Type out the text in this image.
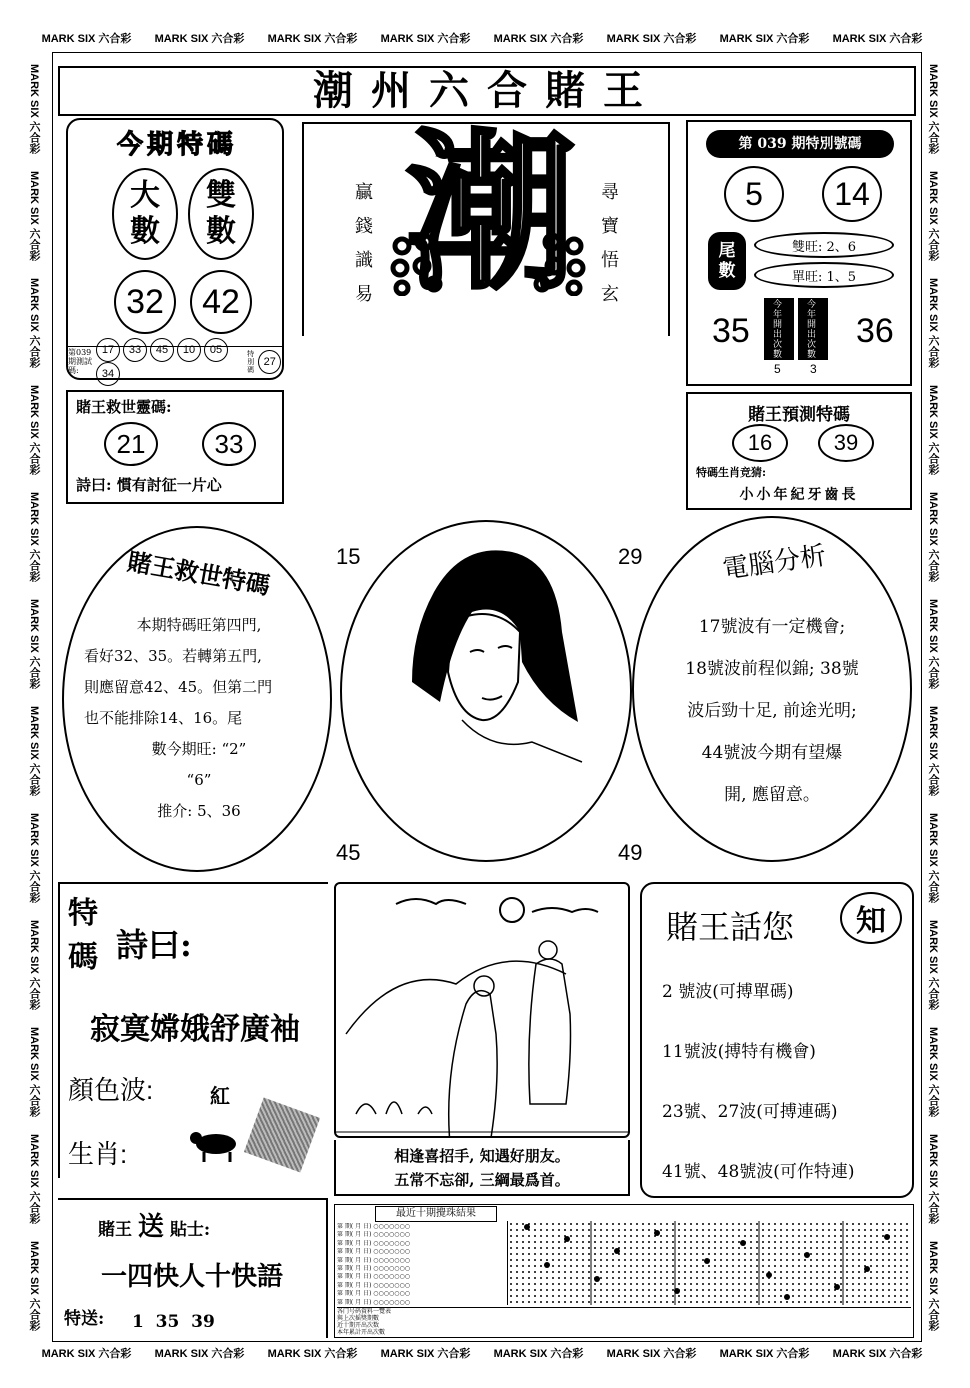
MARK SIX 六合彩 MARK SIX 六合彩 MARK SIX 六合彩 MARK SIX 六合彩 MARK SIX 六合彩 MARK SIX 六合彩 MARK SIX 六合彩 MARK SIX 六合彩
MARK SIX 六合彩 MARK SIX 六合彩 MARK SIX 六合彩 MARK SIX 六合彩 MARK SIX 六合彩 MARK SIX 六合彩 MARK SIX 六合彩 MARK SIX 六合彩
MARK SIX 六合彩
MARK SIX 六合彩
MARK SIX 六合彩
MARK SIX 六合彩
MARK SIX 六合彩
MARK SIX 六合彩
MARK SIX 六合彩
MARK SIX 六合彩
MARK SIX 六合彩
MARK SIX 六合彩
MARK SIX 六合彩
MARK SIX 六合彩
MARK SIX 六合彩
MARK SIX 六合彩
MARK SIX 六合彩
MARK SIX 六合彩
MARK SIX 六合彩
MARK SIX 六合彩
MARK SIX 六合彩
MARK SIX 六合彩
MARK SIX 六合彩
MARK SIX 六合彩
MARK SIX 六合彩
MARK SIX 六合彩
潮州六合賭王
今期特碼
大數
雙數
32 42
第039期測試碼:
17 33 45 10 0534
特別碼
27
潮
贏錢識易
尋寶悟玄
第 039 期特別號碼
5 14
尾數
雙旺: 2、6
單旺: 1、5
35	36
今年開出次數
今年開出次數
5 3
賭王救世靈碼:
21	33
詩曰: 慣有討征一片心
賭王預測特碼
16	39
特碼生肖竞猜:
小小年紀牙齒長
賭王救世特碼
本期特碼旺第四門,
看好32、35。若轉第五門,
則應留意42、45。但第二門
也不能排除14、16。尾
數今期旺: “2”
“6”
推介: 5、36
15	29
45	49
電腦分析
17號波有一定機會;
18號波前程似錦; 38號
波后勁十足, 前途光明;
44號波今期有望爆
開, 應留意。
特碼 詩曰:
寂寞嫦娥舒廣袖
顏色波:	紅
生肖:	相逢喜招手, 知遇好朋友。
五常不忘卻, 三綱最爲首。
賭王話您 知
2 號波(可搏單碼)
11號波(搏特有機會)
23號、27波(可搏連碼)
41號、48號波(可作特連)
賭王 送 貼士:
一四快人十快語
特送: 1  35  39
最近十期攪珠結果
第 期( 月 日) ○○○○○○○
第 期( 月 日) ○○○○○○○
第 期( 月 日) ○○○○○○○
第 期( 月 日) ○○○○○○○
第 期( 月 日) ○○○○○○○
第 期( 月 日) ○○○○○○○
第 期( 月 日) ○○○○○○○
第 期( 月 日) ○○○○○○○
第 期( 月 日) ○○○○○○○
第 期( 月 日) ○○○○○○○
各门号码資料一覽表
與上次摇獎期數
近十期开出次数
本年累計开出次數
